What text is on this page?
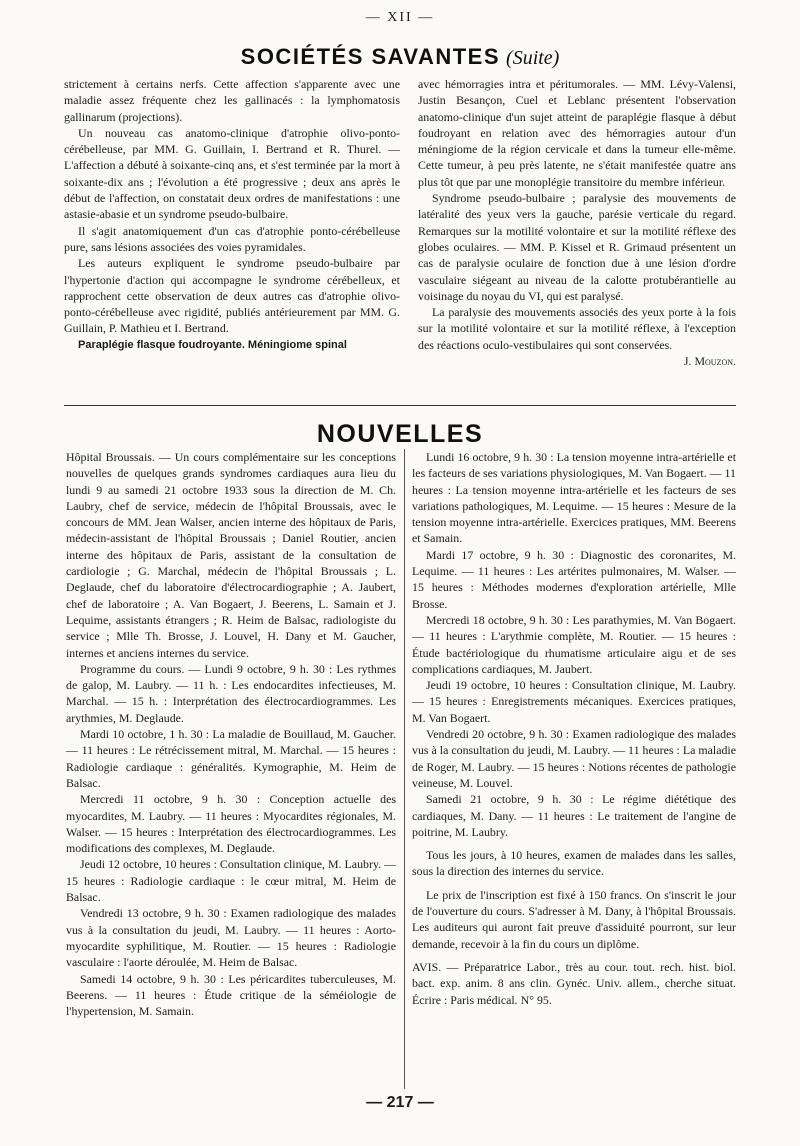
— XII —
SOCIÉTÉS SAVANTES (Suite)

strictement à certains nerfs. Cette affection s'apparente avec une maladie assez fréquente chez les gallinacés : la lymphomatosis gallinarum (projections).

Un nouveau cas anatomo-clinique d'atrophie olivo-ponto-cérébelleuse, par MM. G. Guillain, I. Bertrand et R. Thurel. — L'affection a débuté à soixante-cinq ans, et s'est terminée par la mort à soixante-dix ans ; l'évolution a été progressive ; deux ans après le début de l'affection, on constatait deux ordres de manifestations : une astasie-abasie et un syndrome pseudo-bulbaire.

Il s'agit anatomiquement d'un cas d'atrophie ponto-cérébelleuse pure, sans lésions associées des voies pyramidales.

Les auteurs expliquent le syndrome pseudo-bulbaire par l'hypertonie d'action qui accompagne le syndrome cérébelleux, et rapprochent cette observation de deux autres cas d'atrophie olivo-ponto-cérébelleuse avec rigidité, publiés antérieurement par MM. G. Guillain, P. Mathieu et I. Bertrand.

Paraplégie flasque foudroyante. Méningiome spinal

avec hémorragies intra et péritumorales. — MM. Lévy-Valensi, Justin Besançon, Cuel et Leblanc présentent l'observation anatomo-clinique d'un sujet atteint de paraplégie flasque à début foudroyant en relation avec des hémorragies autour d'un méningiome de la région cervicale et dans la tumeur elle-même. Cette tumeur, à peu près latente, ne s'était manifestée quatre ans plus tôt que par une monoplégie transitoire du membre inférieur.

Syndrome pseudo-bulbaire ; paralysie des mouvements de latéralité des yeux vers la gauche, parésie verticale du regard. Remarques sur la motilité volontaire et sur la motilité réflexe des globes oculaires. — MM. P. Kissel et R. Grimaud présentent un cas de paralysie oculaire de fonction due à une lésion d'ordre vasculaire siégeant au niveau de la calotte protubérantielle au voisinage du noyau du VI, qui est paralysé.

La paralysie des mouvements associés des yeux porte à la fois sur la motilité volontaire et sur la motilité réflexe, à l'exception des réactions oculo-vestibulaires qui sont conservées.

J. Mouzon.

NOUVELLES

Hôpital Broussais. — Un cours complémentaire sur les conceptions nouvelles de quelques grands syndromes cardiaques aura lieu du lundi 9 au samedi 21 octobre 1933 sous la direction de M. Ch. Laubry, chef de service, médecin de l'hôpital Broussais, avec le concours de MM. Jean Walser, ancien interne des hôpitaux de Paris, médecin-assistant de l'hôpital Broussais ; Daniel Routier, ancien interne des hôpitaux de Paris, assistant de la consultation de cardiologie ; G. Marchal, médecin de l'hôpital Broussais ; L. Deglaude, chef du laboratoire d'électrocardiographie ; A. Jaubert, chef de laboratoire ; A. Van Bogaert, J. Beerens, L. Samain et J. Lequime, assistants étrangers ; R. Heim de Balsac, radiologiste du service ; Mlle Th. Brosse, J. Louvel, H. Dany et M. Gaucher, internes et anciens internes du service.

Programme du cours. — Lundi 9 octobre, 9 h. 30 : Les rythmes de galop, M. Laubry. — 11 h. : Les endocardites infectieuses, M. Marchal. — 15 h. : Interprétation des électrocardiogrammes. Les arythmies, M. Deglaude.

Mardi 10 octobre, 1 h. 30 : La maladie de Bouillaud, M. Gaucher. — 11 heures : Le rétrécissement mitral, M. Marchal. — 15 heures : Radiologie cardiaque : généralités. Kymographie, M. Heim de Balsac.

Mercredi 11 octobre, 9 h. 30 : Conception actuelle des myocardites, M. Laubry. — 11 heures : Myocardites régionales, M. Walser. — 15 heures : Interprétation des électrocardiogrammes. Les modifications des complexes, M. Deglaude.

Jeudi 12 octobre, 10 heures : Consultation clinique, M. Laubry. — 15 heures : Radiologie cardiaque : le cœur mitral, M. Heim de Balsac.

Vendredi 13 octobre, 9 h. 30 : Examen radiologique des malades vus à la consultation du jeudi, M. Laubry. — 11 heures : Aorto-myocardite syphilitique, M. Routier. — 15 heures : Radiologie vasculaire : l'aorte déroulée, M. Heim de Balsac.

Samedi 14 octobre, 9 h. 30 : Les péricardites tuberculeuses, M. Beerens. — 11 heures : Étude critique de la séméiologie de l'hypertension, M. Samain.

Lundi 16 octobre, 9 h. 30 : La tension moyenne intra-artérielle et les facteurs de ses variations physiologiques, M. Van Bogaert. — 11 heures : La tension moyenne intra-artérielle et les facteurs de ses variations pathologiques, M. Lequime. — 15 heures : Mesure de la tension moyenne intra-artérielle. Exercices pratiques, MM. Beerens et Samain.

Mardi 17 octobre, 9 h. 30 : Diagnostic des coronarites, M. Lequime. — 11 heures : Les artérites pulmonaires, M. Walser. — 15 heures : Méthodes modernes d'exploration artérielle, Mlle Brosse.

Mercredi 18 octobre, 9 h. 30 : Les parathymies, M. Van Bogaert. — 11 heures : L'arythmie complète, M. Routier. — 15 heures : Étude bactériologique du rhumatisme articulaire aigu et de ses complications cardiaques, M. Jaubert.

Jeudi 19 octobre, 10 heures : Consultation clinique, M. Laubry. — 15 heures : Enregistrements mécaniques. Exercices pratiques, M. Van Bogaert.

Vendredi 20 octobre, 9 h. 30 : Examen radiologique des malades vus à la consultation du jeudi, M. Laubry. — 11 heures : La maladie de Roger, M. Laubry. — 15 heures : Notions récentes de pathologie veineuse, M. Louvel.

Samedi 21 octobre, 9 h. 30 : Le régime diététique des cardiaques, M. Dany. — 11 heures : Le traitement de l'angine de poitrine, M. Laubry.

Tous les jours, à 10 heures, examen de malades dans les salles, sous la direction des internes du service.

Le prix de l'inscription est fixé à 150 francs. On s'inscrit le jour de l'ouverture du cours. S'adresser à M. Dany, à l'hôpital Broussais. Les auditeurs qui auront fait preuve d'assiduité pourront, sur leur demande, recevoir à la fin du cours un diplôme.

AVIS. — Préparatrice Labor., très au cour. tout. rech. hist. biol. bact. exp. anim. 8 ans clin. Gynéc. Univ. allem., cherche situat. Écrire : Paris médical. N° 95.

— 217 —
